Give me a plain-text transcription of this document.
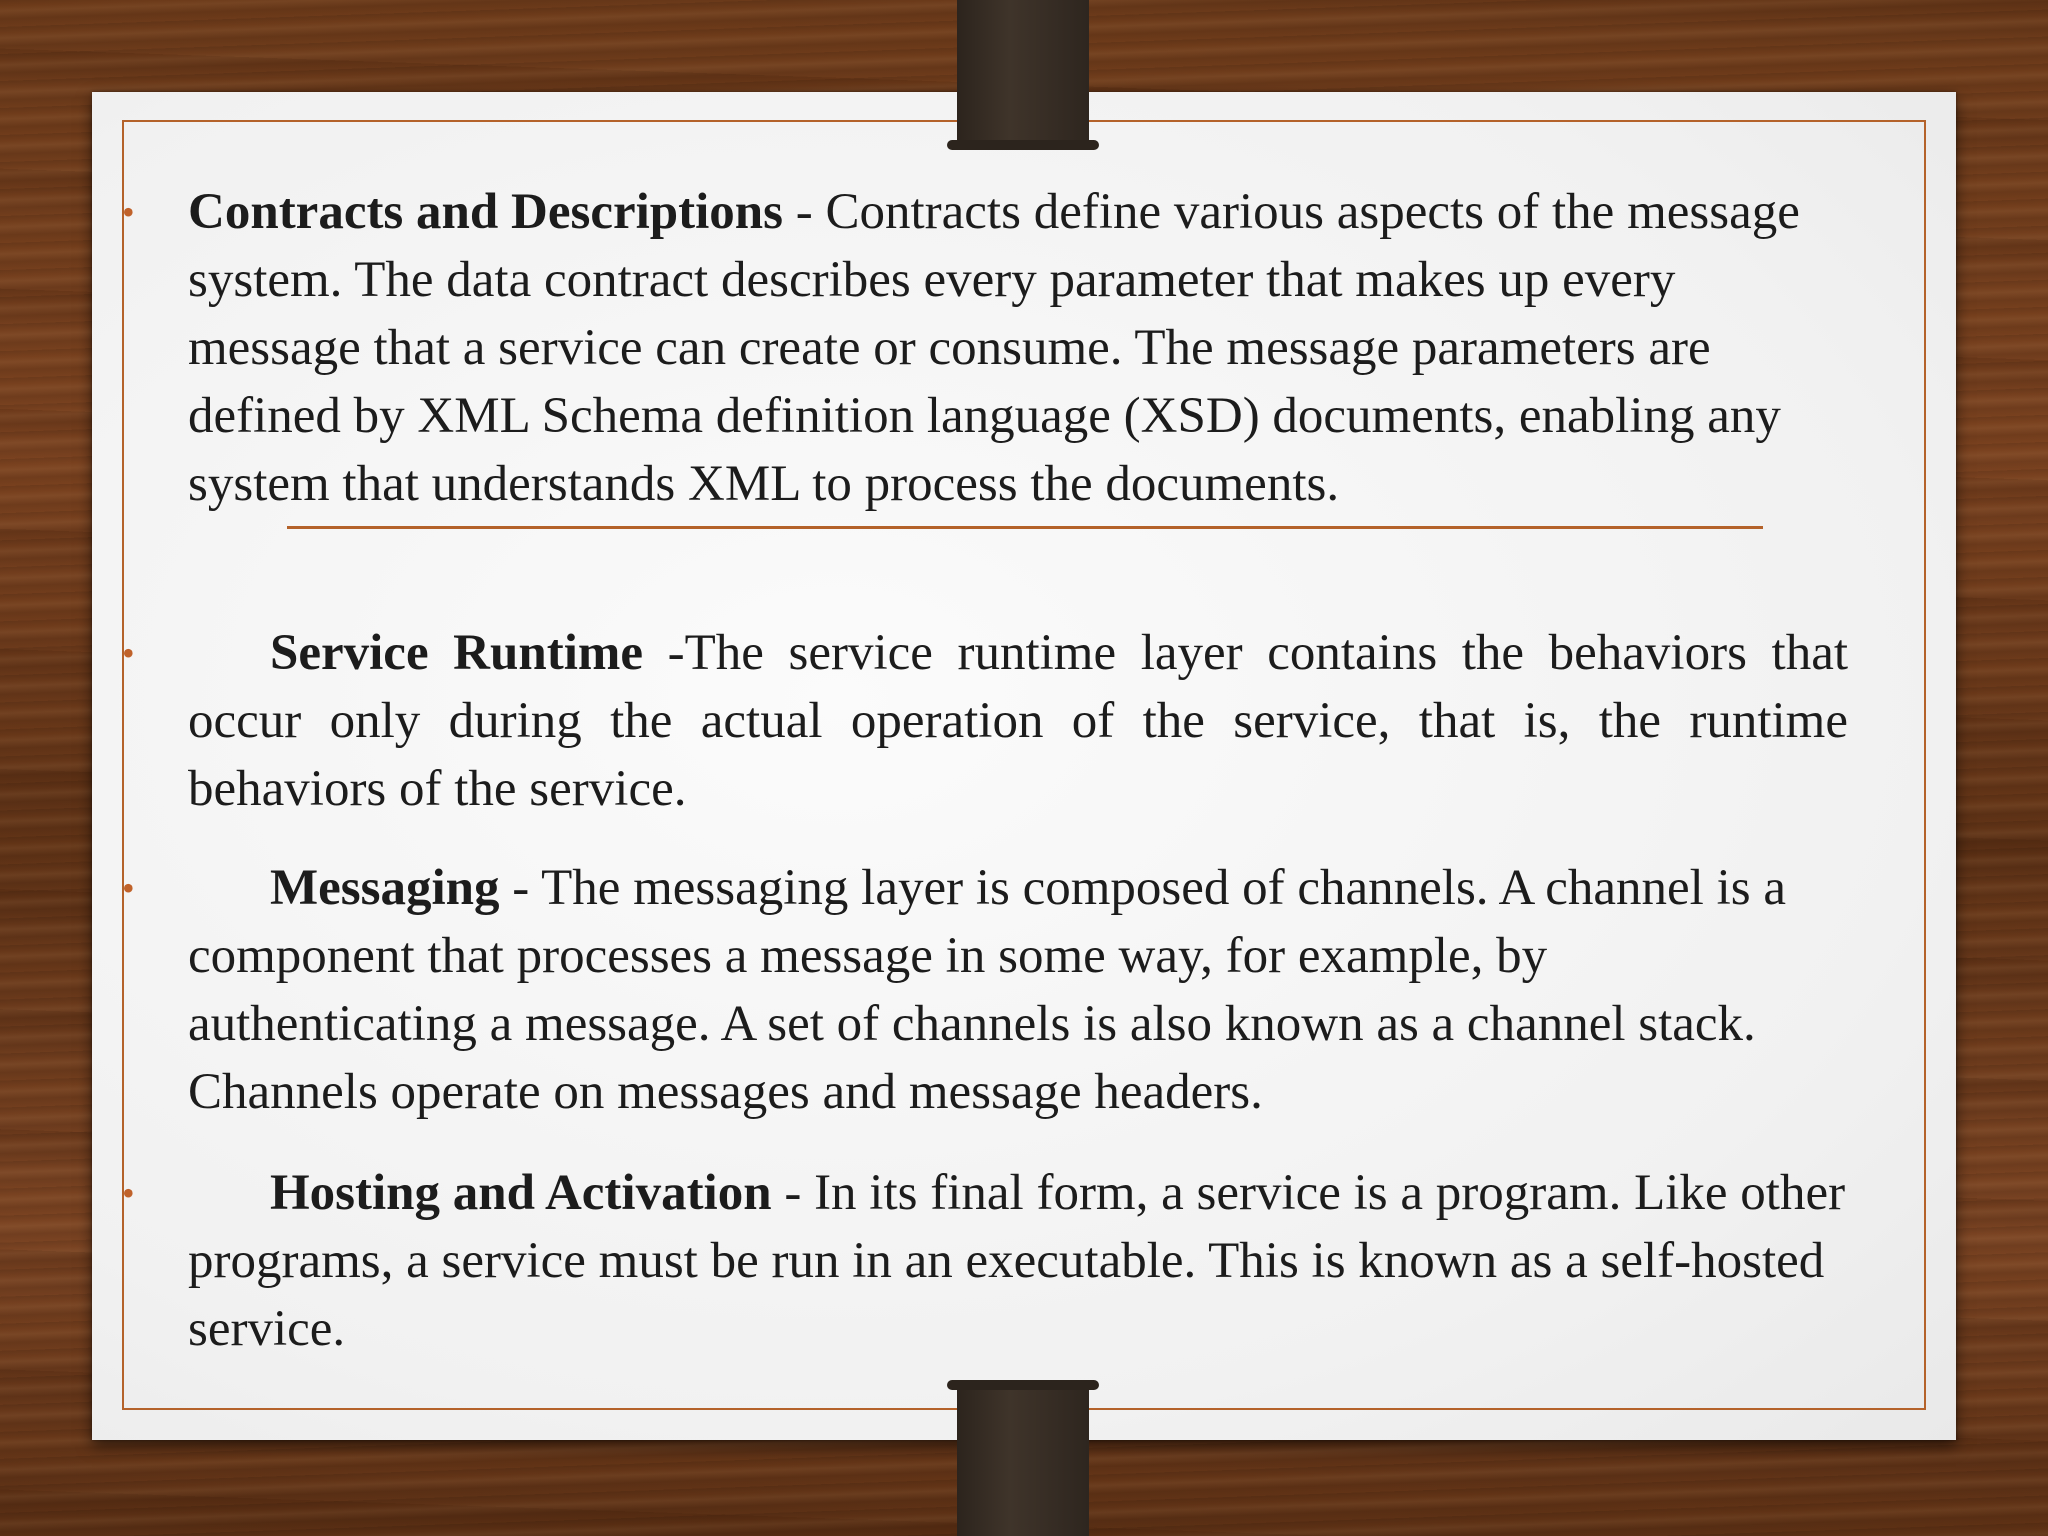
• Contracts and Descriptions - Contracts define various aspects of the message system. The data contract describes every parameter that makes up every message that a service can create or consume. The message parameters are defined by XML Schema definition language (XSD) documents, enabling any system that understands XML to process the documents.
•	Service Runtime -The service runtime layer contains the behaviors that occur only during the actual operation of the service, that is, the runtime behaviors of the service.
•	Messaging - The messaging layer is composed of channels. A channel is a component that processes a message in some way, for example, by authenticating a message. A set of channels is also known as a channel stack. Channels operate on messages and message headers.
•	Hosting and Activation - In its final form, a service is a program. Like other programs, a service must be run in an executable. This is known as a self-hosted service.
